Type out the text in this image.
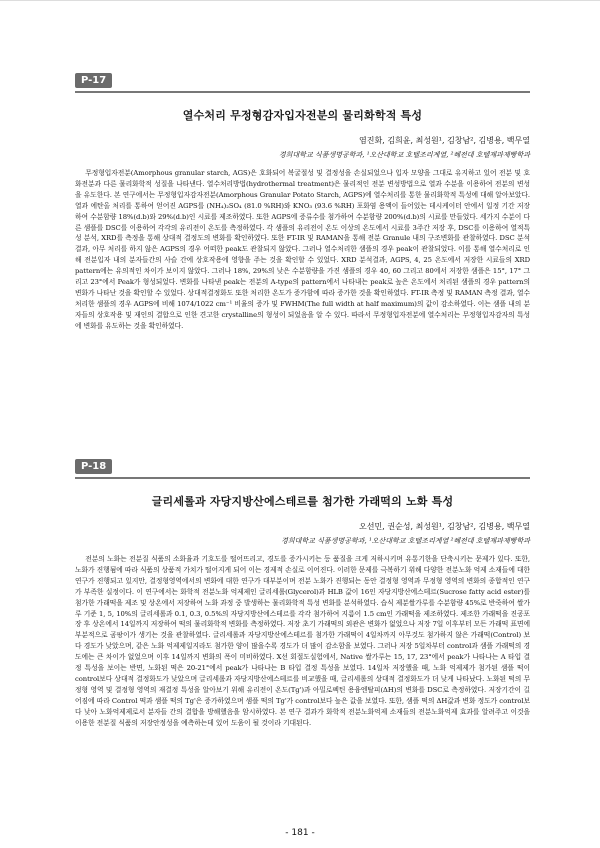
P-17
열수처리 무정형감자입자전분의 물리화학적 특성

염진화, 김희윤, 최성원¹, 김창남², 김병용, 백무열

경희대학교 식품생명공학과, ¹오산대학교 호텔조리계열, ²혜전대 호텔제과제빵학과

무정형입자전분(Amorphous granular starch, AGS)은 호화되어 복굴절성 및 결정성을 손실되었으나 입자 모양을 그대로 유지하고 있어 전분 및 호화전분과 다른 물리화학적 성질을 나타낸다. 열수처리방법(hydrothermal treatment)은 물리적인 전분 변성방법으로 열과 수분을 이용하여 전분의 변성을 유도한다. 본 연구에서는 무정형입자감자전분(Amorphous Granular Potato Starch, AGPS)에 열수처리를 통한 물리화학적 특성에 대해 알아보았다. 열과 에탄올 처리를 통하여 얻어진 AGPS를 (NH₄)₂SO₄ (81.0 %RH)와 KNO₃ (93.6 %RH) 포화염 용액이 들어있는 데시케이터 안에서 일정 기간 저장하여 수분함량 18%(d.b)와 29%(d.b)인 시료를 제조하였다. 또한 AGPS에 증류수를 첨가하여 수분함량 200%(d.b)의 시료를 만들었다. 세가지 수분이 다른 샘플를 DSC를 이용하여 각각의 유리전이 온도를 측정하였다. 각 샘플의 유리전이 온도 이상의 온도에서 시료를 3주간 저장 후, DSC를 이용하여 열적특성 분석, XRD를 측정을 통해 상대적 결정도의 변화를 확인하였다. 또한 FT-IR 및 RAMAN을 통해 전분 Granule 내의 구조변화를 관찰하였다. DSC 분석결과, 아무 처리를 하지 않은 AGPS의 경우 어떠한 peak도 관찰되지 않았다. 그러나 열수처리한 샘플의 경우 peak이 관찰되었다. 이를 통해 열수처리로 인해 전분입자 내의 분자들간의 사슬 간에 상호작용에 영향을 주는 것을 확인할 수 있었다. XRD 분석결과, AGPS, 4, 25 온도에서 저장한 시료들의 XRD pattern에는 유의적인 차이가 보이지 않았다. 그러나 18%, 29%의 낮은 수분함량을 가진 샘플의 경우 40, 60 그리고 80에서 저장한 샘플은 15°, 17° 그리고 23°에서 Peak가 형성되었다. 변화를 나타낸 peak는 전분의 A-type의 pattern에서 나타내는 peak로 높은 온도에서 처리된 샘플의 경우 pattern의 변화가 나타난 것을 확인할 수 있었다. 상대적결정화도 또한 처리한 온도가 증가함에 따라 증가한 것을 확인하였다. FT-IR 측정 및 RAMAN 측정 결과, 열수처리한 샘플의 경우 AGPS에 비해 1074/1022 cm⁻¹ 비율의 증가 및 FWHM(The full width at half maximum)의 값이 감소하였다. 이는 샘플 내의 분자들의 상호작용 및 재인의 결합으로 인한 견고한 crystalline의 형성이 되었음을 알 수 있다. 따라서 무정형입자전분에 열수처리는 무정형입자감자의 특성에 변화를 유도하는 것을 확인하였다.

P-18
글리세롤과 자당지방산에스테르를 첨가한 가래떡의 노화 특성

오선민, 권순성, 최성원¹, 김창남², 김병용, 백무열

경희대학교 식품생명공학과, ¹오산대학교 호텔조리계열 ²혜전대 호텔제과제빵학과

전분의 노화는 전분질 식품의 소화율과 기호도를 떨어뜨리고, 경도를 증가시키는 등 품질을 크게 저하시키며 유통기한을 단축시키는 문제가 있다. 또한, 노화가 진행됨에 따라 식품의 상품적 가치가 떨어지게 되어 이는 경제적 손실로 이어진다. 이러한 문제를 극복하기 위해 다양한 전분노화 억제 소재들에 대한 연구가 진행되고 있지만, 결정형영역에서의 변화에 대한 연구가 대부분이며 전분 노화가 진행되는 동안 결정형 영역과 무정형 영역의 변화의 종합적인 연구가 부족한 실정이다. 이 연구에서는 화학적 전분노화 억제제인 글리세롤(Glycerol)과 HLB 값이 16인 자당지방산에스테르(Sucrose fatty acid ester)를 첨가한 가래떡을 제조 및 상온에서 저장하여 노화 과정 중 발생하는 물리화학적 특성 변화를 분석하였다. 습식 제분쌀가루를 수분함량 45%로 반죽하여 쌀가루 기준 1, 5, 10%의 글리세롤과 0.1, 0.3, 0.5%의 자당지방산에스테르를 각각 첨가하여 지름이 1.5 cm인 가래떡을 제조하였다. 제조한 가래떡을 진공포장 후 상온에서 14일까지 저장하여 떡의 물리화학적 변화를 측정하였다. 저장 초기 가래떡의 외관은 변화가 없었으나 저장 7일 이후부터 모든 가래떡 표면에 부분적으로 곰팡이가 생기는 것을 관찰하였다. 글리세롤과 자당지방산에스테르를 첨가한 가래떡이 4일차까지 아무것도 첨가하지 않은 가래떡(Control) 보다 경도가 낮았으며, 같은 노화 억제제일지라도 첨가한 양이 많을수록 경도가 더 많이 감소함을 보였다. 그러나 저장 5일차부터 control과 샘플 가래떡의 경도에는 큰 차이가 없었으며 이후 14일까지 변화의 폭이 미비하였다. X선 회절도실험에서, Native 쌀가루는 15, 17, 23°에서 peak가 나타나는 A 타입 결정 특성을 보이는 반면, 노화된 떡은 20-21°에서 peak가 나타나는 B 타입 결정 특성을 보였다. 14일차 저장했을 때, 노화 억제제가 첨가된 샘플 떡이 control보다 상대적 결정화도가 낮았으며 글리세롤과 자당지방산에스테르를 비교했을 때, 글리세롤의 상대적 결정화도가 더 낮게 나타났다. 노화된 떡의 무정형 영역 및 결정형 영역의 재결정 특성을 알아보기 위해 유리전이 온도(Tg')과 아밀로펙틴 용융엔탈피(ΔH)의 변화를 DSC로 측정하였다. 저장기간이 길어짐에 따라 Control 떡과 샘플 떡의 Tg'은 증가하였으며 샘플 떡의 Tg'가 control보다 높은 값을 보였다. 또한, 샘플 떡의 ΔH값과 변화 정도가 control보다 낮아 노화억제제로서 분자들 간의 결합을 방해했음을 암시하였다. 본 연구 결과가 화학적 전분노화억제 소재들의 전분노화억제 효과를 알려주고 이것을 이용한 전분질 식품의 저장안정성을 예측하는데 있어 도움이 될 것이라 기대된다.

- 181 -
